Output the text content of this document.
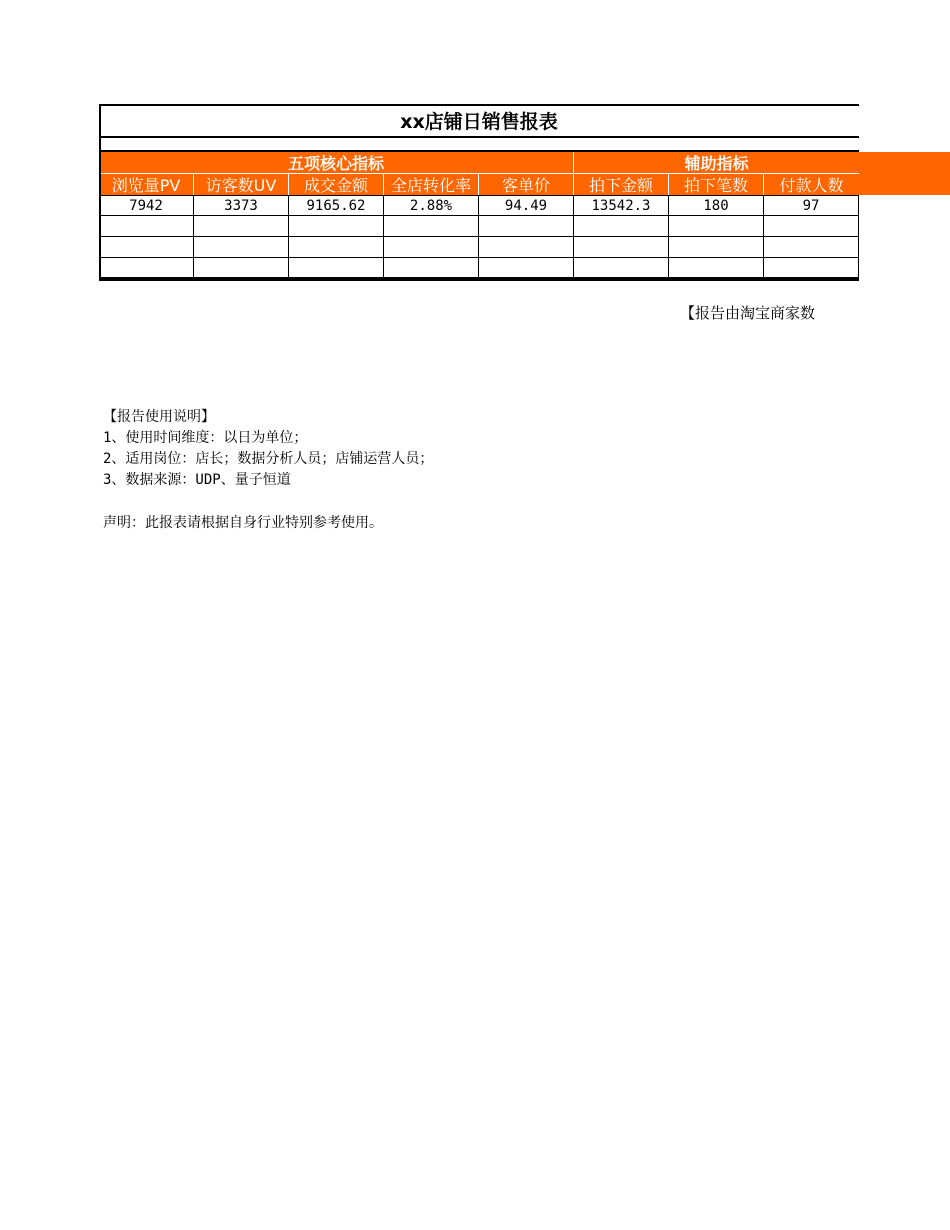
xx店铺日销售报表
五项核心指标	辅助指标
浏览量PV	访客数UV	成交金额	全店转化率	客单价	拍下金额	拍下笔数	付款人数
7942	3373	9165.62	2.88%	94.49	13542.3	180	97
【报告由淘宝商家数
【报告使用说明】
1、使用时间维度：以日为单位；
2、适用岗位：店长；数据分析人员；店铺运营人员；
3、数据来源：UDP、量子恒道
声明：此报表请根据自身行业特别参考使用。
